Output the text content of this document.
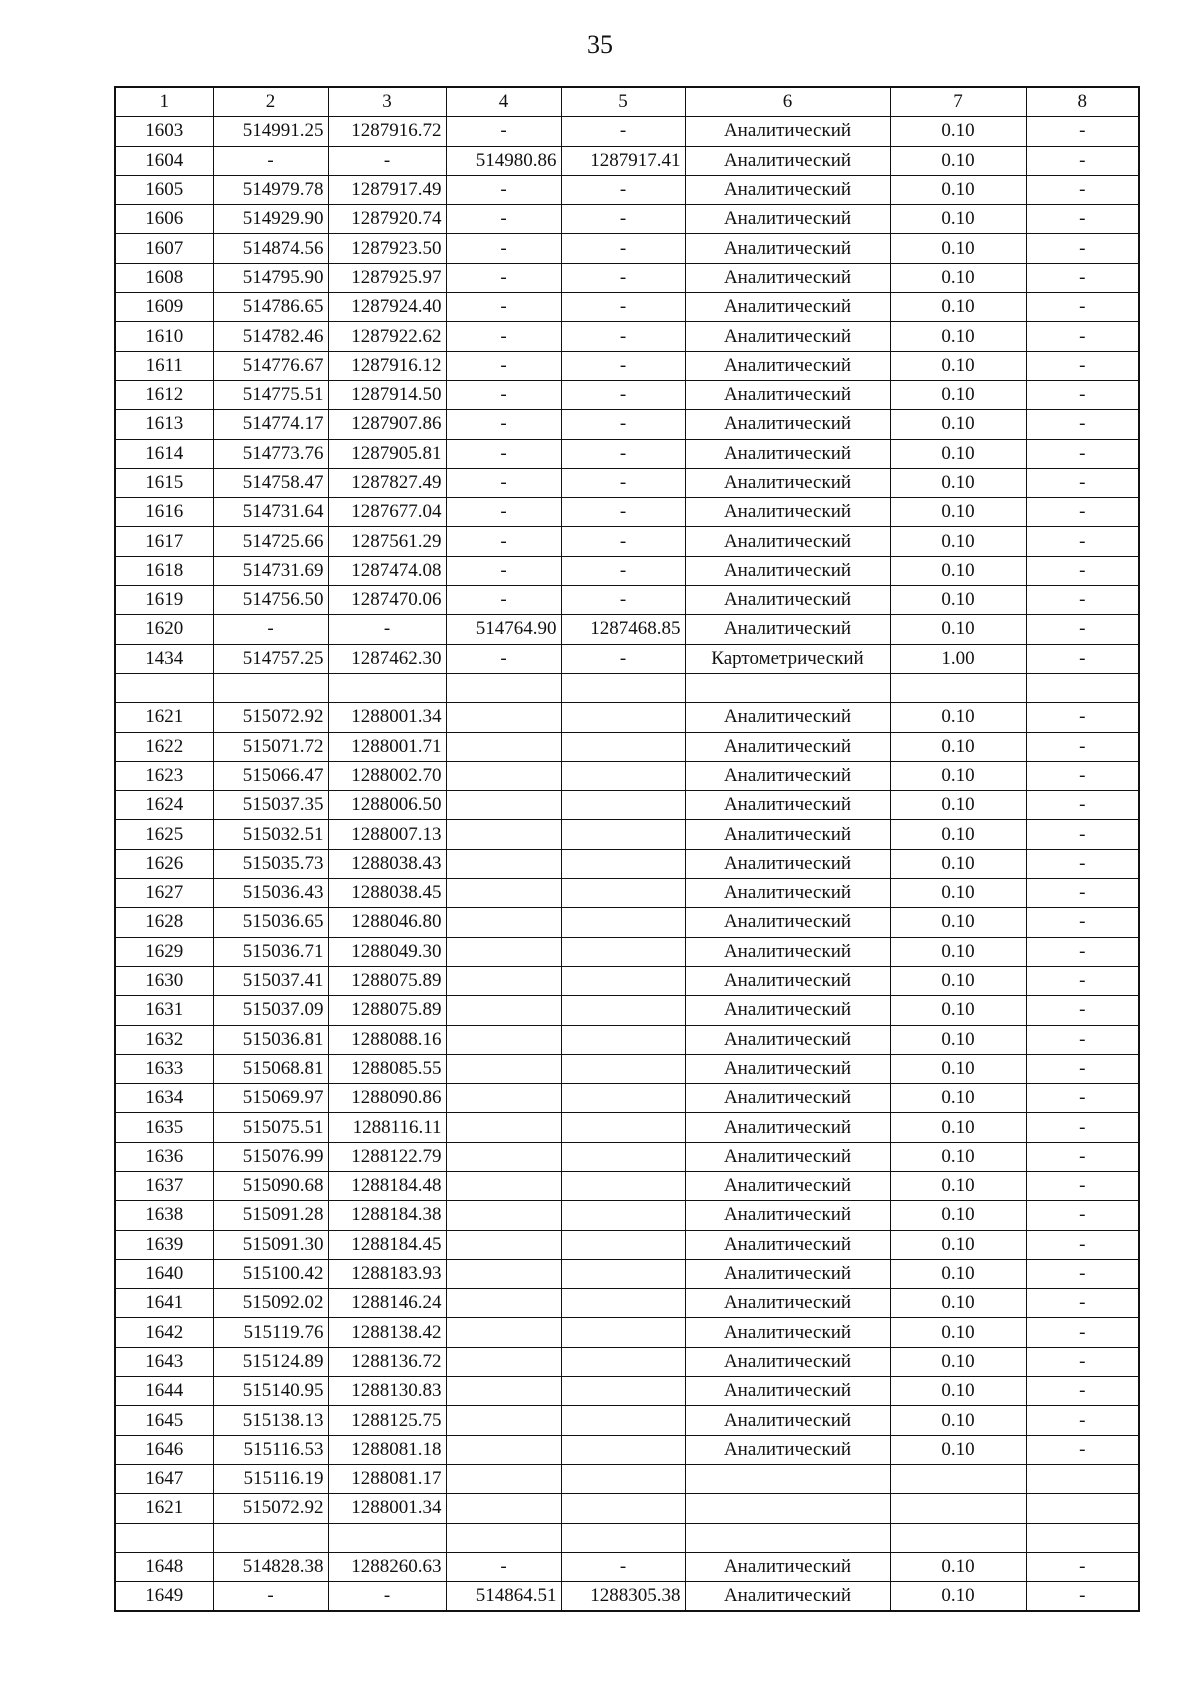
35
1	2	3	4	5	6	7	8
1603	514991.25	1287916.72	-	-	Аналитический	0.10	-
1604	-	-	514980.86	1287917.41	Аналитический	0.10	-
1605	514979.78	1287917.49	-	-	Аналитический	0.10	-
1606	514929.90	1287920.74	-	-	Аналитический	0.10	-
1607	514874.56	1287923.50	-	-	Аналитический	0.10	-
1608	514795.90	1287925.97	-	-	Аналитический	0.10	-
1609	514786.65	1287924.40	-	-	Аналитический	0.10	-
1610	514782.46	1287922.62	-	-	Аналитический	0.10	-
1611	514776.67	1287916.12	-	-	Аналитический	0.10	-
1612	514775.51	1287914.50	-	-	Аналитический	0.10	-
1613	514774.17	1287907.86	-	-	Аналитический	0.10	-
1614	514773.76	1287905.81	-	-	Аналитический	0.10	-
1615	514758.47	1287827.49	-	-	Аналитический	0.10	-
1616	514731.64	1287677.04	-	-	Аналитический	0.10	-
1617	514725.66	1287561.29	-	-	Аналитический	0.10	-
1618	514731.69	1287474.08	-	-	Аналитический	0.10	-
1619	514756.50	1287470.06	-	-	Аналитический	0.10	-
1620	-	-	514764.90	1287468.85	Аналитический	0.10	-
1434	514757.25	1287462.30	-	-	Картометрический	1.00	-

1621	515072.92	1288001.34			Аналитический	0.10	-
1622	515071.72	1288001.71			Аналитический	0.10	-
1623	515066.47	1288002.70			Аналитический	0.10	-
1624	515037.35	1288006.50			Аналитический	0.10	-
1625	515032.51	1288007.13			Аналитический	0.10	-
1626	515035.73	1288038.43			Аналитический	0.10	-
1627	515036.43	1288038.45			Аналитический	0.10	-
1628	515036.65	1288046.80			Аналитический	0.10	-
1629	515036.71	1288049.30			Аналитический	0.10	-
1630	515037.41	1288075.89			Аналитический	0.10	-
1631	515037.09	1288075.89			Аналитический	0.10	-
1632	515036.81	1288088.16			Аналитический	0.10	-
1633	515068.81	1288085.55			Аналитический	0.10	-
1634	515069.97	1288090.86			Аналитический	0.10	-
1635	515075.51	1288116.11			Аналитический	0.10	-
1636	515076.99	1288122.79			Аналитический	0.10	-
1637	515090.68	1288184.48			Аналитический	0.10	-
1638	515091.28	1288184.38			Аналитический	0.10	-
1639	515091.30	1288184.45			Аналитический	0.10	-
1640	515100.42	1288183.93			Аналитический	0.10	-
1641	515092.02	1288146.24			Аналитический	0.10	-
1642	515119.76	1288138.42			Аналитический	0.10	-
1643	515124.89	1288136.72			Аналитический	0.10	-
1644	515140.95	1288130.83			Аналитический	0.10	-
1645	515138.13	1288125.75			Аналитический	0.10	-
1646	515116.53	1288081.18			Аналитический	0.10	-
1647	515116.19	1288081.17					
1621	515072.92	1288001.34					

1648	514828.38	1288260.63	-	-	Аналитический	0.10	-
1649	-	-	514864.51	1288305.38	Аналитический	0.10	-
